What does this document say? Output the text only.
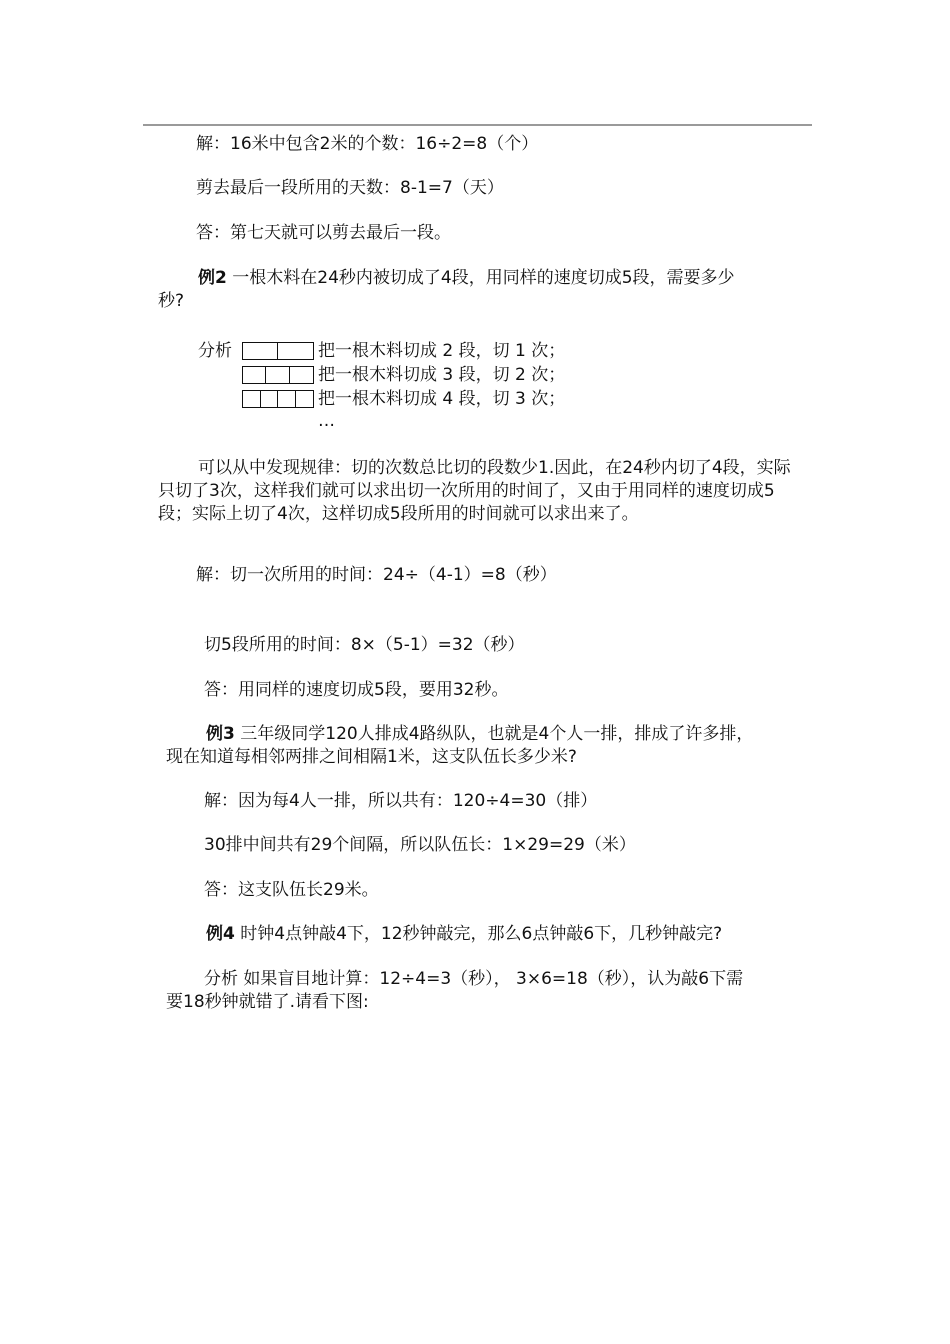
解：16米中包含2米的个数：16÷2=8（个）
剪去最后一段所用的天数：8-1=7（天）
答：第七天就可以剪去最后一段。
例2 一根木料在24秒内被切成了4段，用同样的速度切成5段，需要多少
秒?
分析	把一根木料切成 2 段，切 1 次；
把一根木料切成 3 段，切 2 次；
把一根木料切成 4 段，切 3 次；
…
可以从中发现规律：切的次数总比切的段数少1.因此，在24秒内切了4段，实际只切了3次，这样我们就可以求出切一次所用的时间了，又由于用同样的速度切成5段；实际上切了4次，这样切成5段所用的时间就可以求出来了。
解：切一次所用的时间：24÷（4-1）=8（秒）
切5段所用的时间：8×（5-1）=32（秒）
答：用同样的速度切成5段，要用32秒。
例3 三年级同学120人排成4路纵队，也就是4个人一排，排成了许多排，
现在知道每相邻两排之间相隔1米，这支队伍长多少米?
解：因为每4人一排，所以共有：120÷4=30（排）
30排中间共有29个间隔，所以队伍长：1×29=29（米）
答：这支队伍长29米。
例4 时钟4点钟敲4下，12秒钟敲完，那么6点钟敲6下，几秒钟敲完?
分析 如果盲目地计算：12÷4=3（秒）， 3×6=18（秒），认为敲6下需
要18秒钟就错了.请看下图:
